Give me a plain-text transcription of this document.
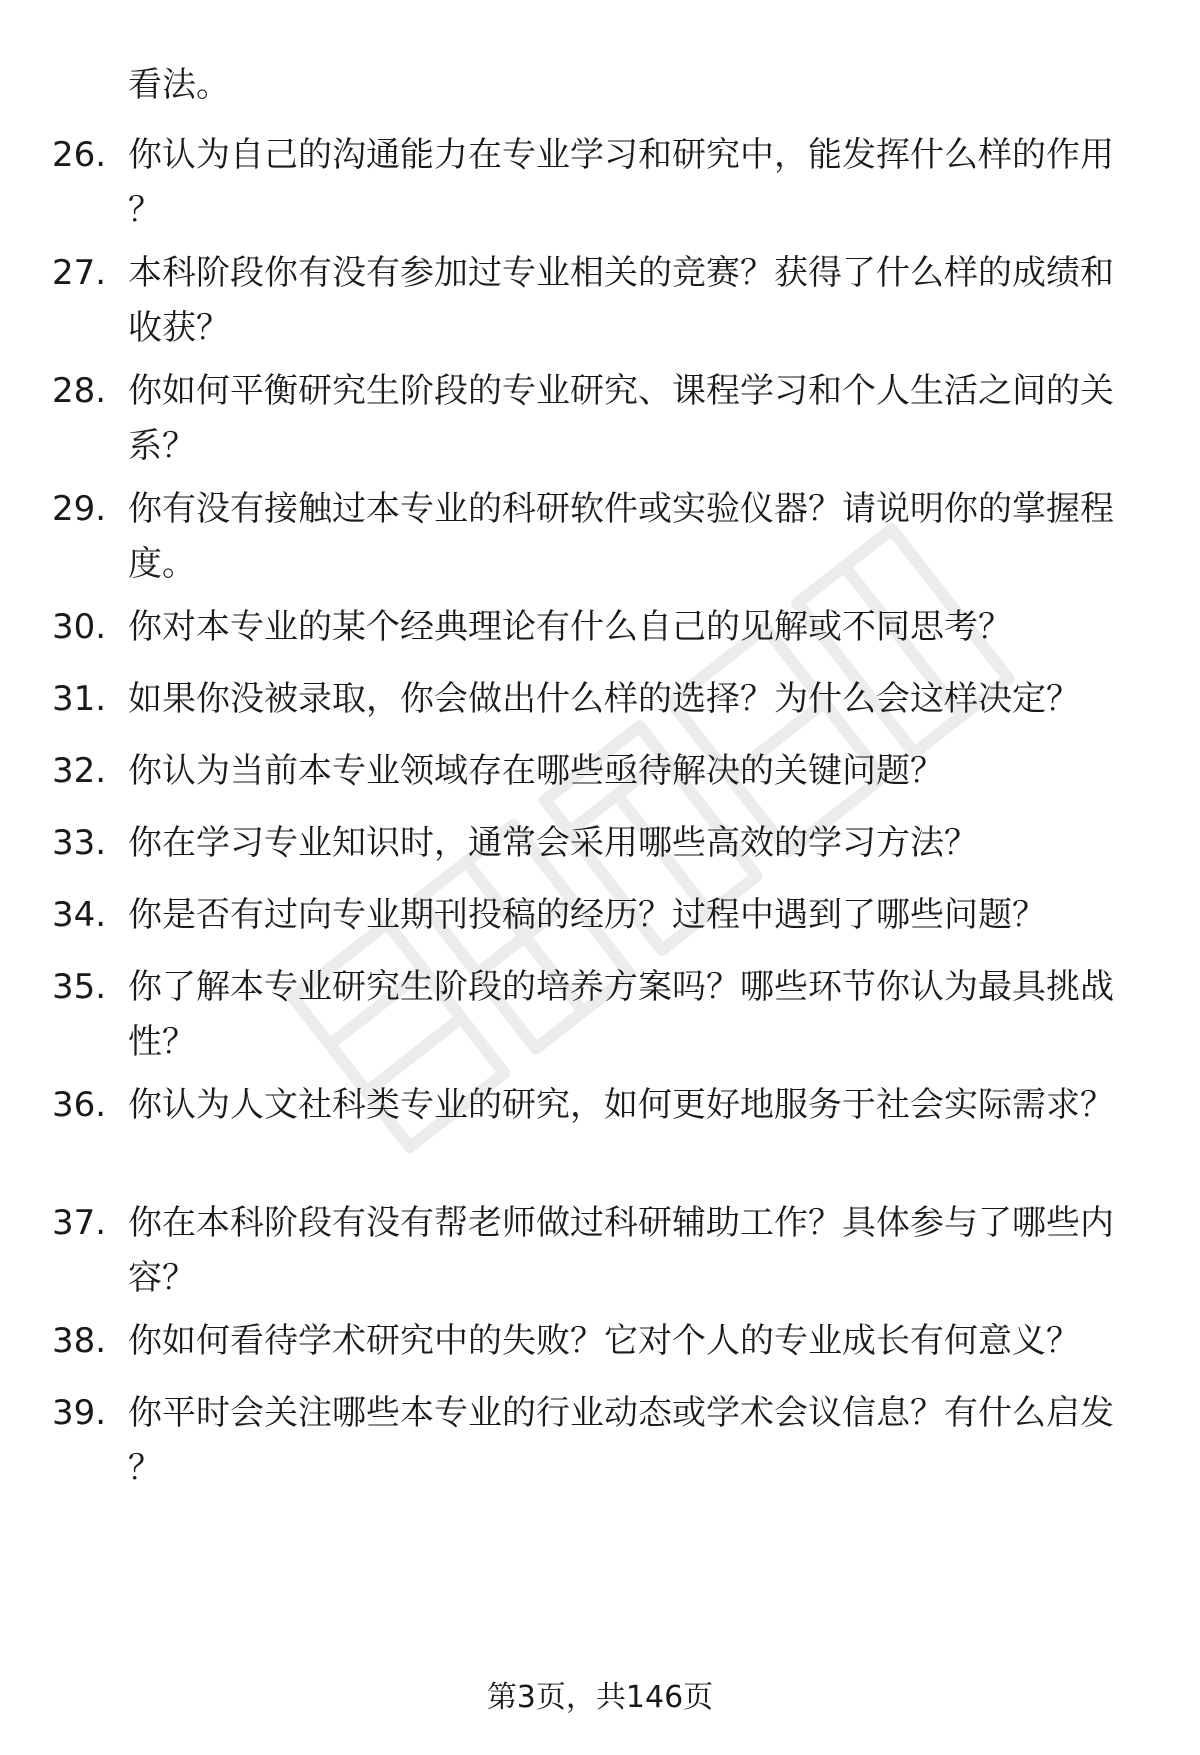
看法。
26. 你认为自己的沟通能力在专业学习和研究中，能发挥什么样的作用？
27. 本科阶段你有没有参加过专业相关的竞赛？获得了什么样的成绩和收获？
28. 你如何平衡研究生阶段的专业研究、课程学习和个人生活之间的关系？
29. 你有没有接触过本专业的科研软件或实验仪器？请说明你的掌握程度。
30. 你对本专业的某个经典理论有什么自己的见解或不同思考？
31. 如果你没被录取，你会做出什么样的选择？为什么会这样决定？
32. 你认为当前本专业领域存在哪些亟待解决的关键问题？
33. 你在学习专业知识时，通常会采用哪些高效的学习方法？
34. 你是否有过向专业期刊投稿的经历？过程中遇到了哪些问题？
35. 你了解本专业研究生阶段的培养方案吗？哪些环节你认为最具挑战性？
36. 你认为人文社科类专业的研究，如何更好地服务于社会实际需求？
37. 你在本科阶段有没有帮老师做过科研辅助工作？具体参与了哪些内容？
38. 你如何看待学术研究中的失败？它对个人的专业成长有何意义？
39. 你平时会关注哪些本专业的行业动态或学术会议信息？有什么启发？
第3页，共146页
